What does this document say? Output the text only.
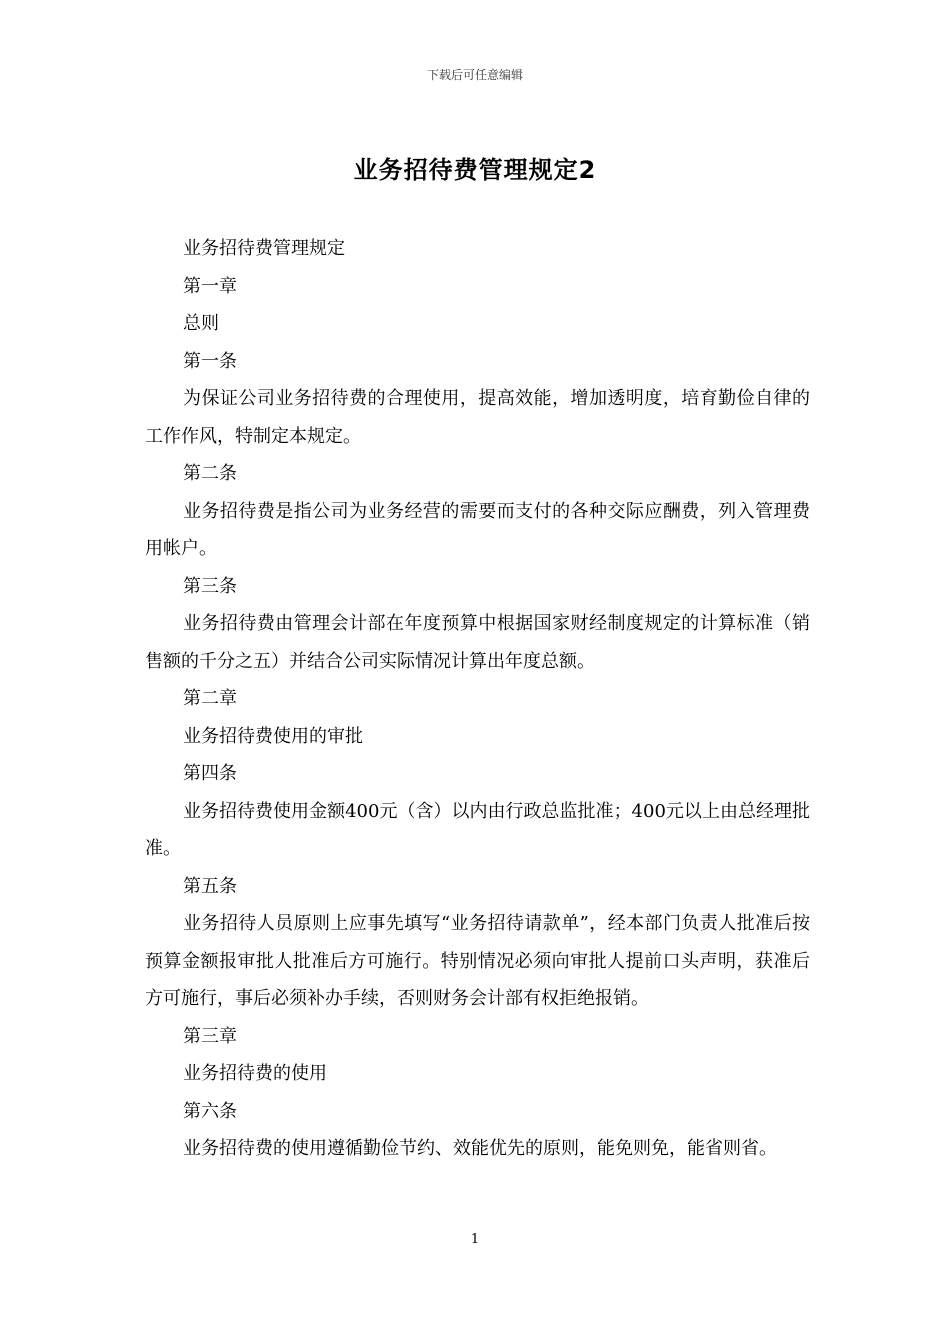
下载后可任意编辑
业务招待费管理规定2

业务招待费管理规定

第一章

总则

第一条

为保证公司业务招待费的合理使用，提高效能，增加透明度，培育勤俭自律的工作作风，特制定本规定。

第二条

业务招待费是指公司为业务经营的需要而支付的各种交际应酬费，列入管理费用帐户。

第三条

业务招待费由管理会计部在年度预算中根据国家财经制度规定的计算标准（销售额的千分之五）并结合公司实际情况计算出年度总额。

第二章

业务招待费使用的审批

第四条

业务招待费使用金额400元（含）以内由行政总监批准；400元以上由总经理批准。

第五条

业务招待人员原则上应事先填写“业务招待请款单”，经本部门负责人批准后按预算金额报审批人批准后方可施行。特别情况必须向审批人提前口头声明，获准后方可施行，事后必须补办手续，否则财务会计部有权拒绝报销。

第三章

业务招待费的使用

第六条

业务招待费的使用遵循勤俭节约、效能优先的原则，能免则免，能省则省。

1
